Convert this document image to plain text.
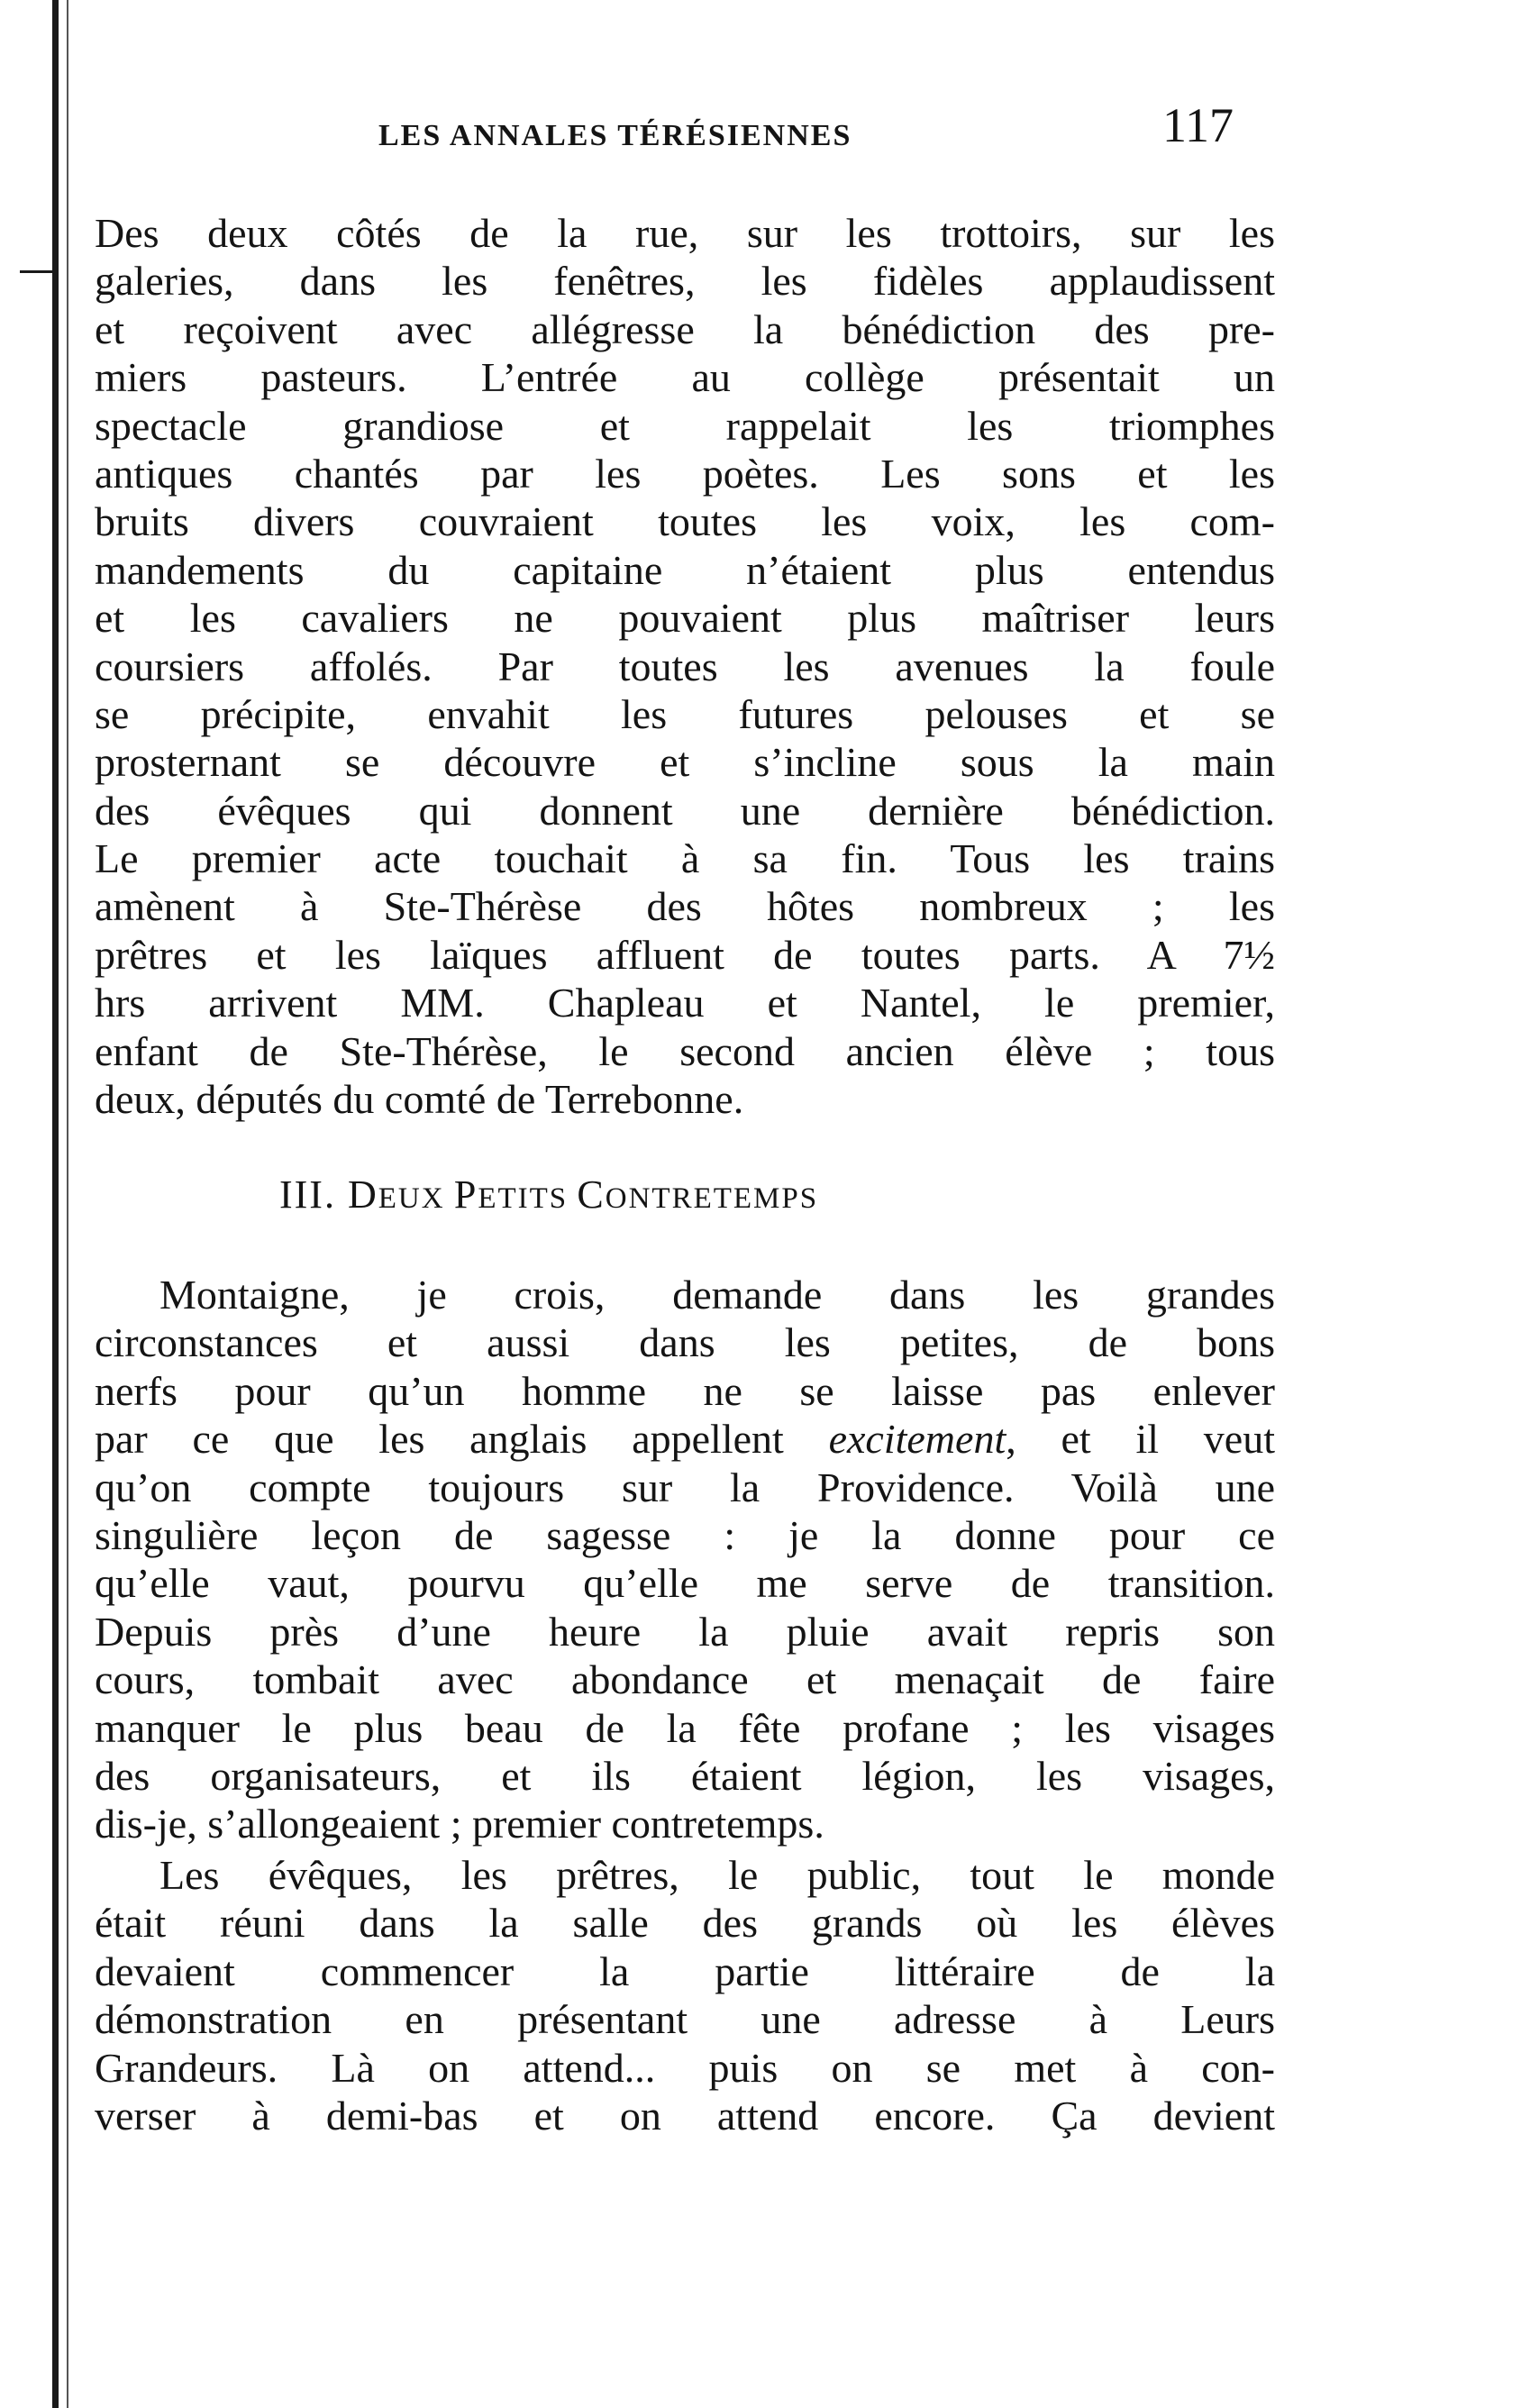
LES ANNALES TÉRÉSIENNES	117
Des deux côtés de la rue, sur les trottoirs, sur les
galeries, dans les fenêtres, les fidèles applaudissent
et reçoivent avec allégresse la bénédiction des pre-
miers pasteurs. L’entrée au collège présentait un
spectacle grandiose et rappelait les triomphes
antiques chantés par les poètes. Les sons et les
bruits divers couvraient toutes les voix, les com-
mandements du capitaine n’étaient plus entendus
et les cavaliers ne pouvaient plus maîtriser leurs
coursiers affolés. Par toutes les avenues la foule
se précipite, envahit les futures pelouses et se
prosternant se découvre et s’incline sous la main
des évêques qui donnent une dernière bénédiction.
Le premier acte touchait à sa fin. Tous les trains
amènent à Ste-Thérèse des hôtes nombreux ; les
prêtres et les laïques affluent de toutes parts. A 7½
hrs arrivent MM. Chapleau et Nantel, le premier,
enfant de Ste-Thérèse, le second ancien élève ; tous
deux, députés du comté de Terrebonne.
III. DEUX PETITS CONTRETEMPS
Montaigne, je crois, demande dans les grandes
circonstances et aussi dans les petites, de bons
nerfs pour qu’un homme ne se laisse pas enlever
par ce que les anglais appellent excitement, et il veut
qu’on compte toujours sur la Providence. Voilà une
singulière leçon de sagesse : je la donne pour ce
qu’elle vaut, pourvu qu’elle me serve de transition.
Depuis près d’une heure la pluie avait repris son
cours, tombait avec abondance et menaçait de faire
manquer le plus beau de la fête profane ; les visages
des organisateurs, et ils étaient légion, les visages,
dis-je, s’allongeaient ; premier contretemps.
Les évêques, les prêtres, le public, tout le monde
était réuni dans la salle des grands où les élèves
devaient commencer la partie littéraire de la
démonstration en présentant une adresse à Leurs
Grandeurs. Là on attend... puis on se met à con-
verser à demi-bas et on attend encore. Ça devient
